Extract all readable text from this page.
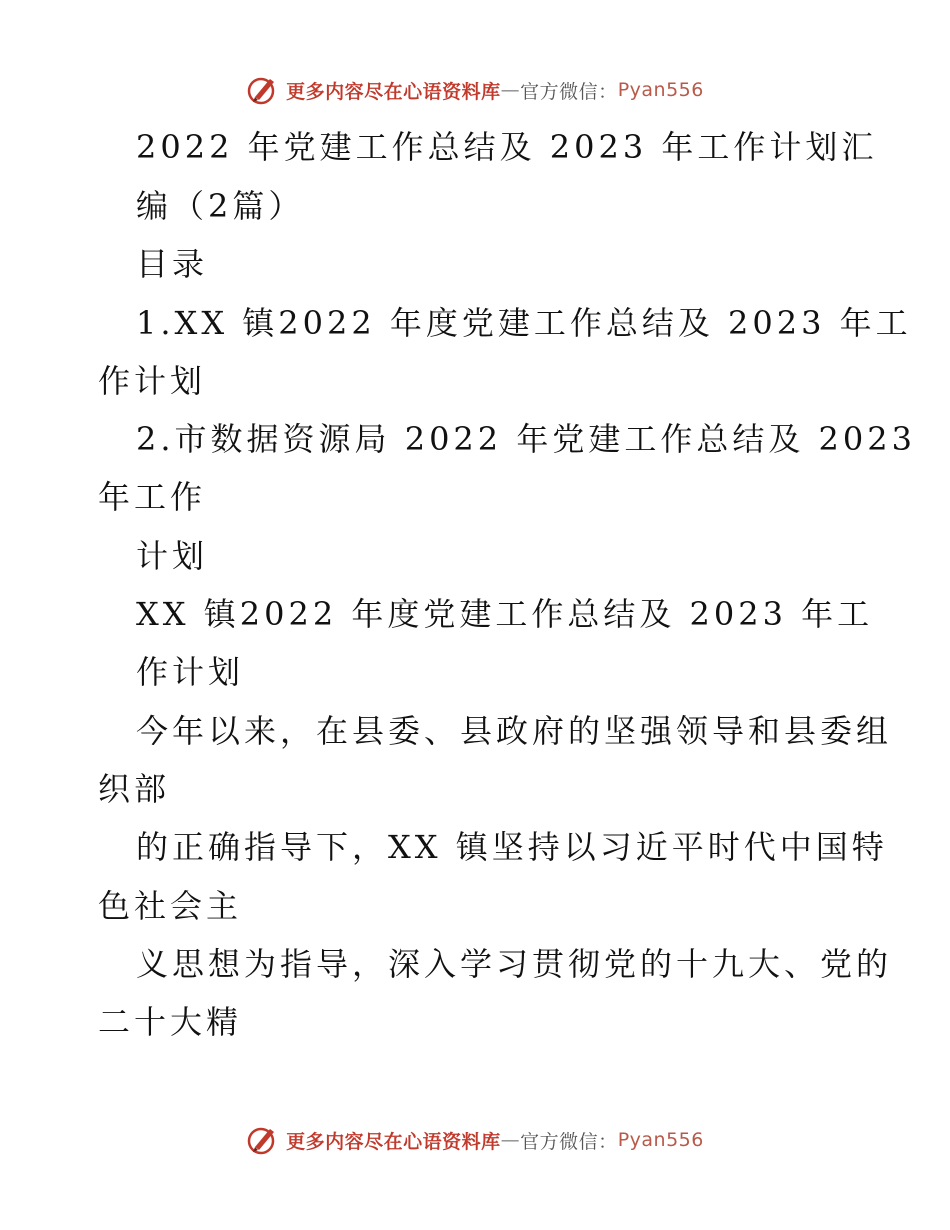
更多内容尽在心语资料库 — 官方微信： Pyan556
2022 年党建工作总结及 2023 年工作计划汇
编（2篇）
目录
1.XX 镇2022 年度党建工作总结及 2023 年工
作计划
2.市数据资源局 2022 年党建工作总结及 2023
年工作
计划
XX 镇2022 年度党建工作总结及 2023 年工
作计划
今年以来，在县委、县政府的坚强领导和县委组
织部
的正确指导下，XX 镇坚持以习近平时代中国特
色社会主
义思想为指导，深入学习贯彻党的十九大、党的
二十大精
更多内容尽在心语资料库 — 官方微信： Pyan556
